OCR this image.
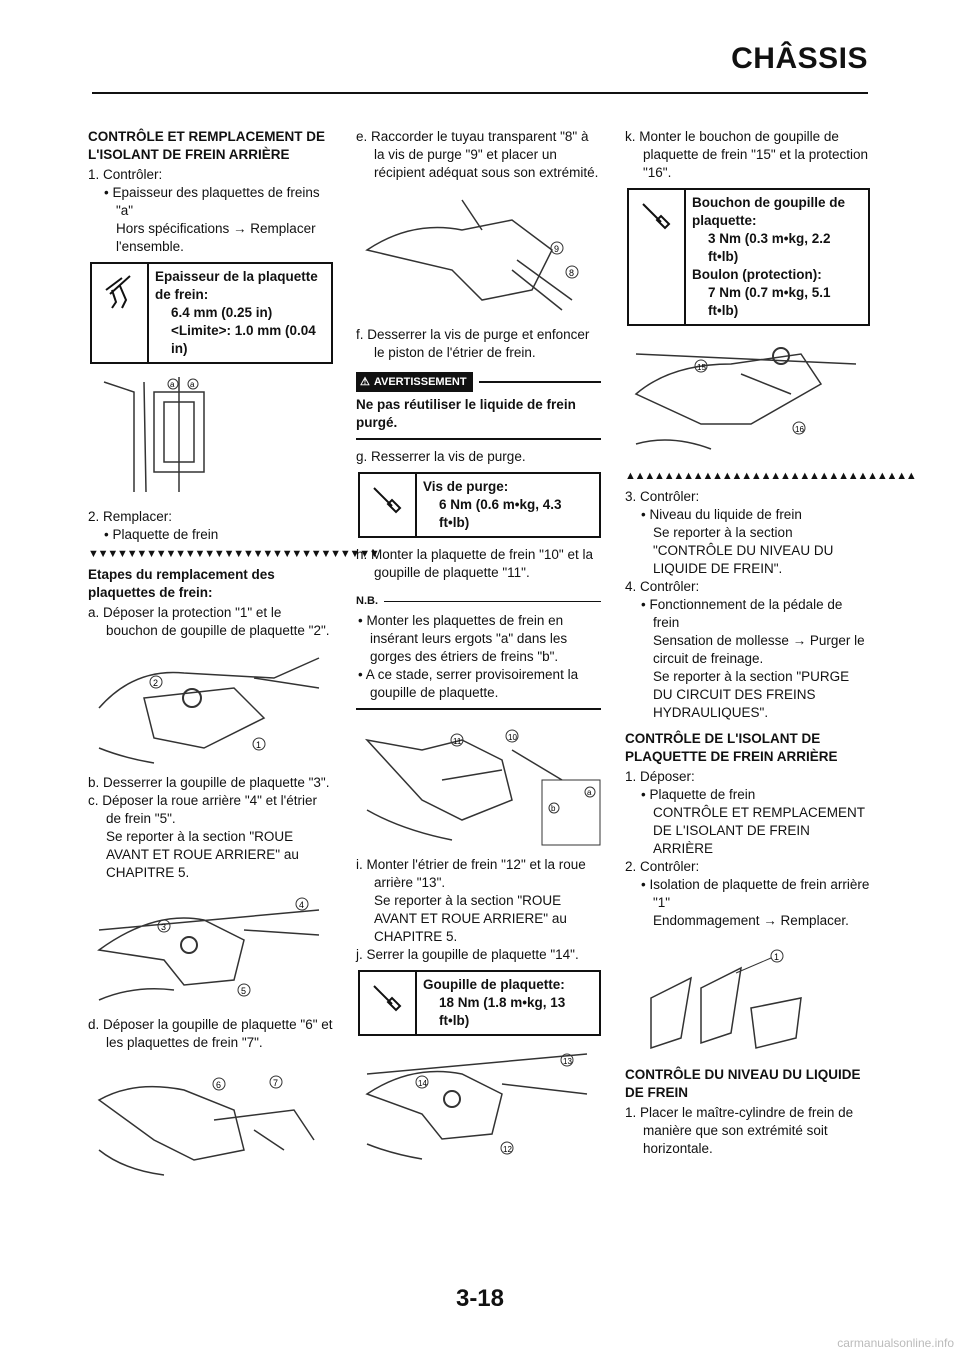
CHÂSSIS

CONTRÔLE ET REMPLACEMENT DE L'ISOLANT DE FREIN ARRIÈRE

1. Contrôler:

• Epaisseur des plaquettes de freins "a"

Hors spécifications → Remplacer l'ensemble.

Epaisseur de la plaquette de frein:
6.4 mm (0.25 in)
<Limite>: 1.0 mm (0.04 in)
a a

2. Remplacer:

• Plaquette de frein

▼▼▼▼▼▼▼▼▼▼▼▼▼▼▼▼▼▼▼▼▼▼▼▼▼▼▼▼▼▼

Etapes du remplacement des plaquettes de frein:

a. Déposer la protection "1" et le bouchon de goupille de plaquette "2".

2
1

b. Desserrer la goupille de plaquette "3".

c. Déposer la roue arrière "4" et l'étrier de frein "5".

Se reporter à la section "ROUE AVANT ET ROUE ARRIERE" au CHAPITRE 5.

4
3
5

d. Déposer la goupille de plaquette "6" et les plaquettes de frein "7".

6	7

e. Raccorder le tuyau transparent "8" à la vis de purge "9" et placer un récipient adéquat sous son extrémité.

9
8

f. Desserrer la vis de purge et enfoncer le piston de l'étrier de frein.

⚠ AVERTISSEMENT

Ne pas réutiliser le liquide de frein purgé.

g. Resserrer la vis de purge.

Vis de purge:
6 Nm (0.6 m•kg, 4.3 ft•lb)

h. Monter la plaquette de frein "10" et la goupille de plaquette "11".

N.B.

• Monter les plaquettes de frein en insérant leurs ergots "a" dans les gorges des étriers de freins "b".

• A ce stade, serrer provisoirement la goupille de plaquette.

11	10
a
b

i. Monter l'étrier de frein "12" et la roue arrière "13".

Se reporter à la section "ROUE AVANT ET ROUE ARRIERE" au CHAPITRE 5.

j. Serrer la goupille de plaquette "14".

Goupille de plaquette:
18 Nm (1.8 m•kg, 13 ft•lb)
13
14
12

k. Monter le bouchon de goupille de plaquette de frein "15" et la protection "16".

Bouchon de goupille de plaquette:
3 Nm (0.3 m•kg, 2.2 ft•lb)
Boulon (protection):
7 Nm (0.7 m•kg, 5.1 ft•lb)
15
16
▲▲▲▲▲▲▲▲▲▲▲▲▲▲▲▲▲▲▲▲▲▲▲▲▲▲▲▲▲▲

3. Contrôler:

• Niveau du liquide de frein

Se reporter à la section "CONTRÔLE DU NIVEAU DU LIQUIDE DE FREIN".

4. Contrôler:

• Fonctionnement de la pédale de frein

Sensation de mollesse → Purger le circuit de freinage.

Se reporter à la section "PURGE DU CIRCUIT DES FREINS HYDRAULIQUES".

CONTRÔLE DE L'ISOLANT DE PLAQUETTE DE FREIN ARRIÈRE

1. Déposer:

• Plaquette de frein

CONTRÔLE ET REMPLACEMENT DE L'ISOLANT DE FREIN ARRIÈRE

2. Contrôler:

• Isolation de plaquette de frein arrière "1"

Endommagement → Remplacer.

1

CONTRÔLE DU NIVEAU DU LIQUIDE DE FREIN

1. Placer le maître-cylindre de frein de manière que son extrémité soit horizontale.

3-18
carmanualsonline.info
